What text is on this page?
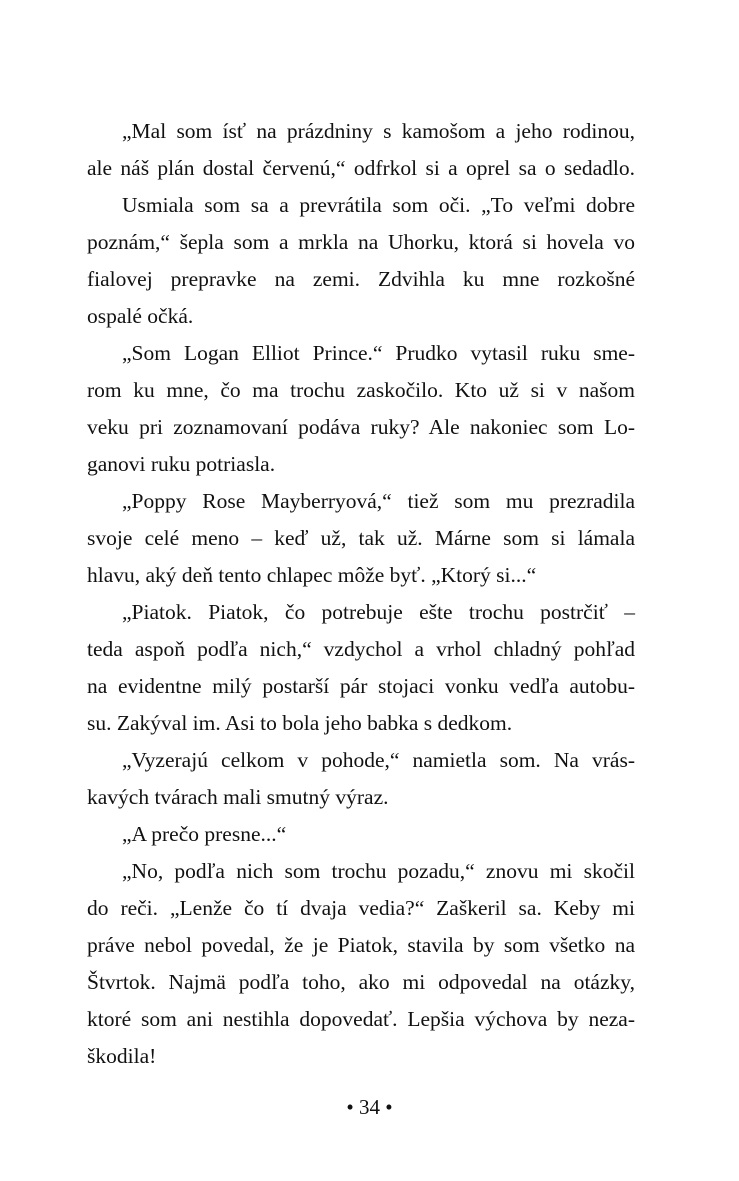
„Mal som ísť na prázdniny s kamošom a jeho rodinou,
ale náš plán dostal červenú,“ odfrkol si a oprel sa o sedadlo.
Usmiala som sa a prevrátila som oči. „To veľmi dobre
poznám,“ šepla som a mrkla na Uhorku, ktorá si hovela vo
fialovej prepravke na zemi. Zdvihla ku mne rozkošné
ospalé očká.
„Som Logan Elliot Prince.“ Prudko vytasil ruku sme-
rom ku mne, čo ma trochu zaskočilo. Kto už si v našom
veku pri zoznamovaní podáva ruky? Ale nakoniec som Lo-
ganovi ruku potriasla.
„Poppy Rose Mayberryová,“ tiež som mu prezradila
svoje celé meno – keď už, tak už. Márne som si lámala
hlavu, aký deň tento chlapec môže byť. „Ktorý si...“
„Piatok. Piatok, čo potrebuje ešte trochu postrčiť –
teda aspoň podľa nich,“ vzdychol a vrhol chladný pohľad
na evidentne milý postarší pár stojaci vonku vedľa autobu-
su. Zakýval im. Asi to bola jeho babka s dedkom.
„Vyzerajú celkom v pohode,“ namietla som. Na vrás-
kavých tvárach mali smutný výraz.
„A prečo presne...“
„No, podľa nich som trochu pozadu,“ znovu mi skočil
do reči. „Lenže čo tí dvaja vedia?“ Zaškeril sa. Keby mi
práve nebol povedal, že je Piatok, stavila by som všetko na
Štvrtok. Najmä podľa toho, ako mi odpovedal na otázky,
ktoré som ani nestihla dopovedať. Lepšia výchova by neza-
škodila!
• 34 •
